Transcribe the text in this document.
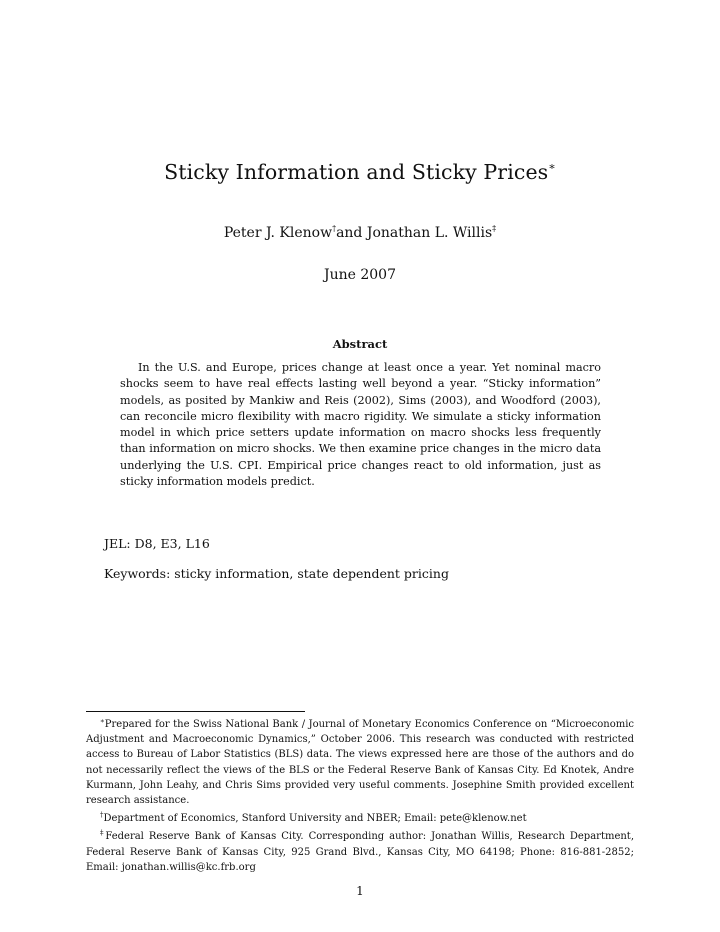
Sticky Information and Sticky Prices∗
Peter J. Klenow†and Jonathan L. Willis‡
June 2007
Abstract
In the U.S. and Europe, prices change at least once a year. Yet nominal macro shocks seem to have real effects lasting well beyond a year. “Sticky information” models, as posited by Mankiw and Reis (2002), Sims (2003), and Woodford (2003), can reconcile micro flexibility with macro rigidity. We simulate a sticky information model in which price setters update information on macro shocks less frequently than information on micro shocks. We then examine price changes in the micro data underlying the U.S. CPI. Empirical price changes react to old information, just as sticky information models predict.
JEL: D8, E3, L16
Keywords: sticky information, state dependent pricing
∗Prepared for the Swiss National Bank / Journal of Monetary Economics Conference on “Microeconomic Adjustment and Macroeconomic Dynamics,” October 2006. This research was conducted with restricted access to Bureau of Labor Statistics (BLS) data. The views expressed here are those of the authors and do not necessarily reflect the views of the BLS or the Federal Reserve Bank of Kansas City. Ed Knotek, Andre Kurmann, John Leahy, and Chris Sims provided very useful comments. Josephine Smith provided excellent research assistance.
†Department of Economics, Stanford University and NBER; Email: pete@klenow.net
‡Federal Reserve Bank of Kansas City. Corresponding author: Jonathan Willis, Research Department, Federal Reserve Bank of Kansas City, 925 Grand Blvd., Kansas City, MO 64198; Phone: 816-881-2852; Email: jonathan.willis@kc.frb.org
1
